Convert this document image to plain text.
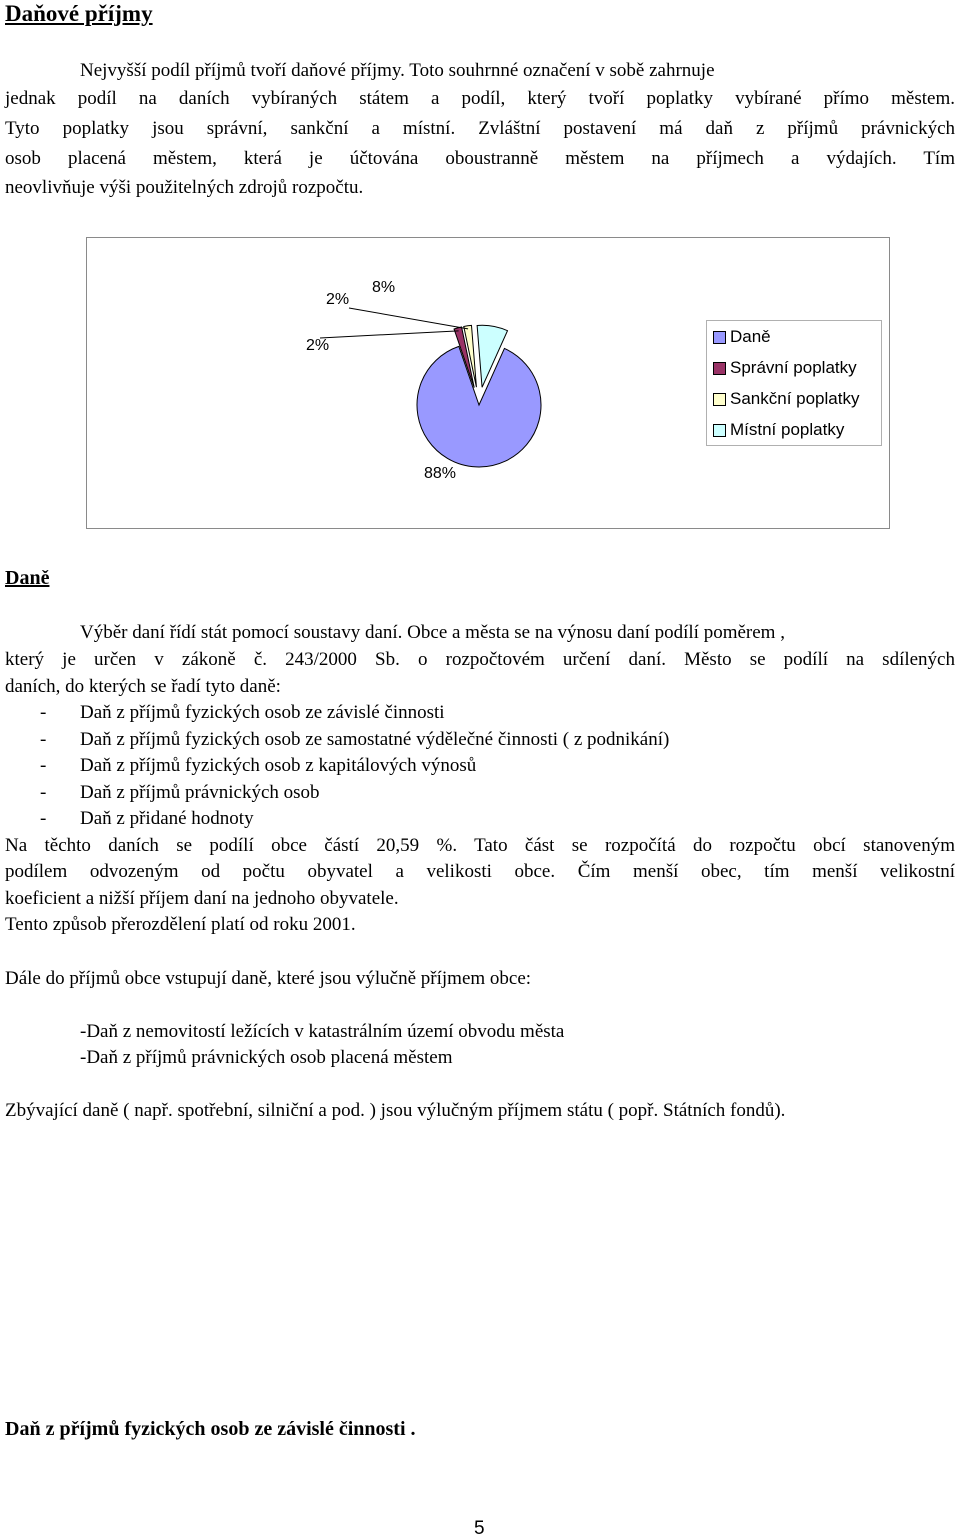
Daňové příjmy
Nejvyšší podíl příjmů tvoří daňové příjmy. Toto souhrnné označení v sobě zahrnuje
jednak podíl na daních vybíraných státem a podíl, který tvoří poplatky vybírané přímo městem.
Tyto poplatky jsou správní, sankční a místní. Zvláštní postavení má daň z příjmů právnických
osob placená městem, která je účtována oboustranně městem na příjmech a výdajích. Tím
neovlivňuje výši použitelných zdrojů rozpočtu.
88%
2%
2%
8%
Daně
Správní poplatky
Sankční poplatky
Místní poplatky
Daně
Výběr daní řídí stát pomocí soustavy daní. Obce a města se na výnosu daní podílí poměrem ,
který je určen v zákoně č. 243/2000 Sb. o rozpočtovém určení daní. Město se podílí na sdílených
daních, do kterých se řadí tyto daně:
- Daň z příjmů fyzických osob ze závislé činnosti
- Daň z příjmů fyzických osob ze samostatné výdělečné činnosti ( z podnikání)
- Daň z příjmů fyzických osob z kapitálových výnosů
- Daň z příjmů právnických osob
- Daň z přidané hodnoty
Na těchto daních se podílí obce částí 20,59 %. Tato část se rozpočítá do rozpočtu obcí stanoveným
podílem odvozeným od počtu obyvatel a velikosti obce. Čím menší obec, tím menší velikostní
koeficient a nižší příjem daní na jednoho obyvatele.
Tento způsob přerozdělení platí od roku 2001.
Dále do příjmů obce vstupují daně, které jsou výlučně příjmem obce:
-Daň z nemovitostí ležících v katastrálním území obvodu města
-Daň z příjmů právnických osob placená městem
Zbývající daně ( např. spotřební, silniční a pod. ) jsou výlučným příjmem státu ( popř. Státních fondů).
Daň z příjmů fyzických osob ze závislé činnosti .
5
